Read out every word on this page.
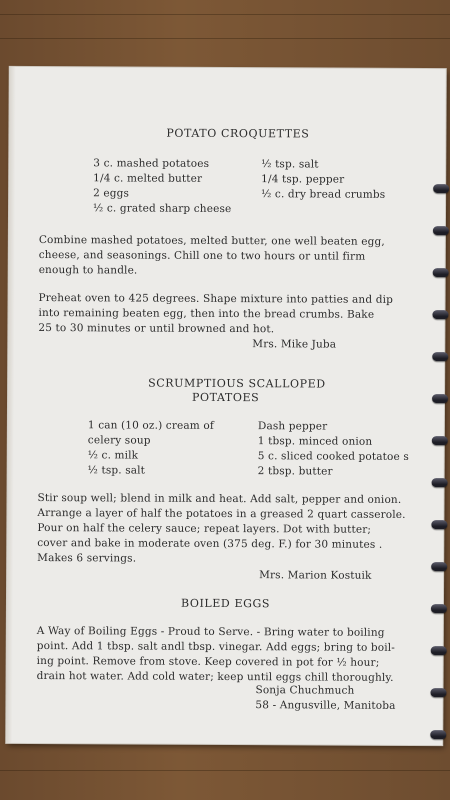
POTATO CROQUETTES
3 c. mashed potatoes
1/4 c. melted butter
2 eggs
½ c. grated sharp cheese
½ tsp. salt
1/4 tsp. pepper
½ c. dry bread crumbs
Combine mashed potatoes, melted butter, one well beaten egg,
cheese, and seasonings. Chill one to two hours or until firm
enough to handle.
Preheat oven to 425 degrees. Shape mixture into patties and dip
into remaining beaten egg, then into the bread crumbs. Bake
25 to 30 minutes or until browned and hot.
Mrs. Mike Juba
SCRUMPTIOUS SCALLOPED
POTATOES
1 can (10 oz.) cream of
celery soup
½ c. milk
½ tsp. salt
Dash pepper
1 tbsp. minced onion
5 c. sliced cooked potatoe s
2 tbsp. butter
Stir soup well; blend in milk and heat. Add salt, pepper and onion.
Arrange a layer of half the potatoes in a greased 2 quart casserole.
Pour on half the celery sauce; repeat layers. Dot with butter;
cover and bake in moderate oven (375 deg. F.) for 30 minutes .
Makes 6 servings.
Mrs. Marion Kostuik
BOILED EGGS
A Way of Boiling Eggs - Proud to Serve. - Bring water to boiling
point. Add 1 tbsp. salt andl tbsp. vinegar. Add eggs; bring to boil-
ing point. Remove from stove. Keep covered in pot for ½ hour;
drain hot water. Add cold water; keep until eggs chill thoroughly.
Sonja Chuchmuch
58 - Angusville, Manitoba
